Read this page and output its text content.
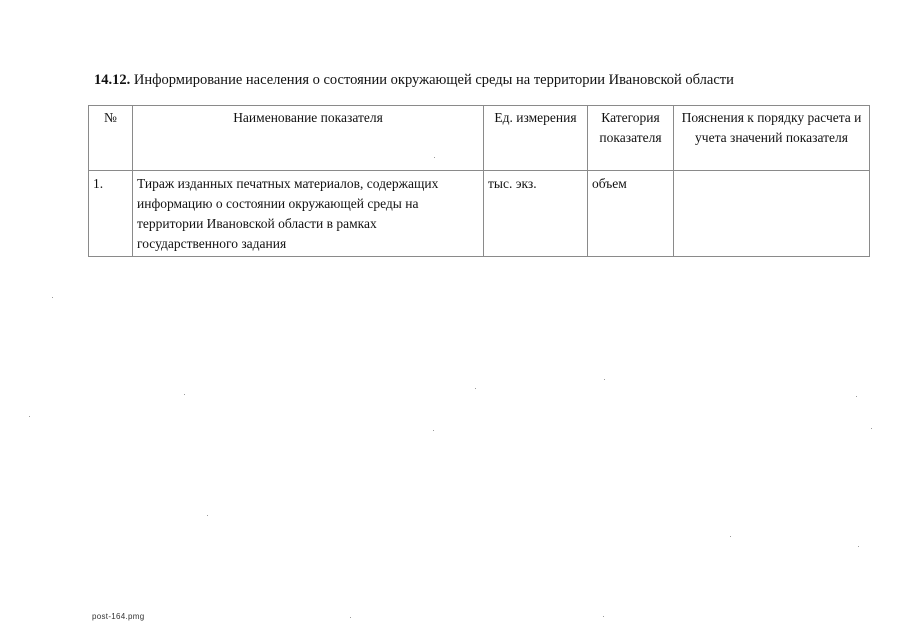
14.12. Информирование населения о состоянии окружающей среды на территории Ивановской области
№	Наименование показателя	Ед. измерения	Категория показателя	Пояснения к порядку расчета и учета значений показателя
1.	Тираж изданных печатных материалов, содержащих информацию о состоянии окружающей среды на территории Ивановской области в рамках государственного задания	тыс. экз.	объем	
post-164.pmg
